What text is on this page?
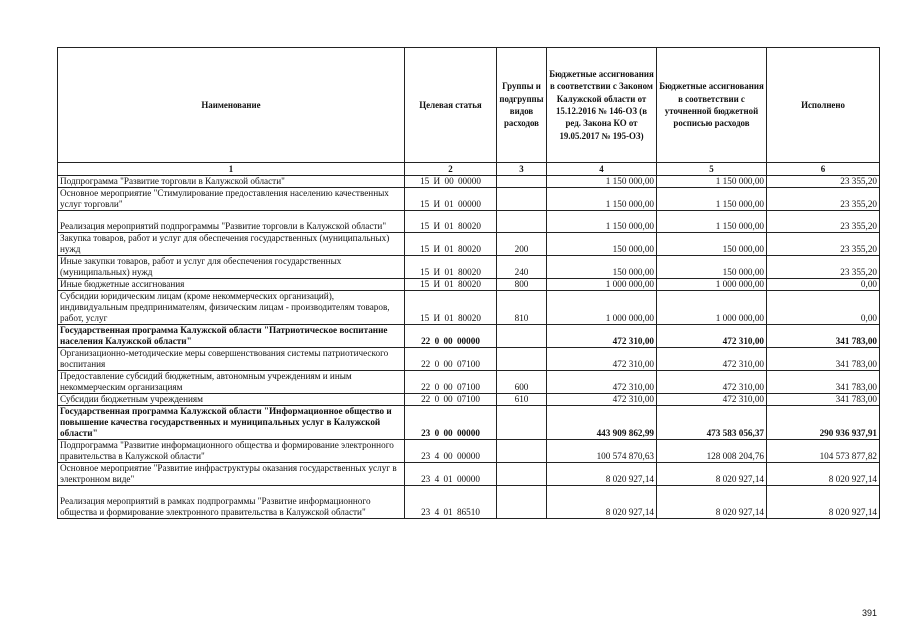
Наименование	Целевая статья	Группы и подгруппы видов расходов	Бюджетные ассигнования в соответствии с Законом Калужской области от 15.12.2016 № 146-ОЗ (в ред. Закона КО от 19.05.2017 № 195-ОЗ)	Бюджетные ассигнования в соответствии с уточненной бюджетной росписью расходов	Исполнено
1	2	3	4	5	6
Подпрограмма "Развитие торговли в Калужской области"	15 И 00 00000		1 150 000,00	1 150 000,00	23 355,20
Основное мероприятие "Стимулирование предоставления населению качественных услуг торговли"	15 И 01 00000		1 150 000,00	1 150 000,00	23 355,20
Реализация мероприятий подпрограммы "Развитие торговли в Калужской области"	15 И 01 80020		1 150 000,00	1 150 000,00	23 355,20
Закупка товаров, работ и услуг для обеспечения государственных (муниципальных) нужд	15 И 01 80020	200	150 000,00	150 000,00	23 355,20
Иные закупки товаров, работ и услуг для обеспечения государственных (муниципальных) нужд	15 И 01 80020	240	150 000,00	150 000,00	23 355,20
Иные бюджетные ассигнования	15 И 01 80020	800	1 000 000,00	1 000 000,00	0,00
Субсидии юридическим лицам (кроме некоммерческих организаций), индивидуальным предпринимателям, физическим лицам - производителям товаров, работ, услуг	15 И 01 80020	810	1 000 000,00	1 000 000,00	0,00
Государственная программа Калужской области "Патриотическое воспитание населения Калужской области"	22 0 00 00000		472 310,00	472 310,00	341 783,00
Организационно-методические меры совершенствования системы патриотического воспитания	22 0 00 07100		472 310,00	472 310,00	341 783,00
Предоставление субсидий бюджетным, автономным учреждениям и иным некоммерческим организациям	22 0 00 07100	600	472 310,00	472 310,00	341 783,00
Субсидии бюджетным учреждениям	22 0 00 07100	610	472 310,00	472 310,00	341 783,00
Государственная программа Калужской области "Информационное общество и повышение качества государственных и муниципальных услуг в Калужской области"	23 0 00 00000		443 909 862,99	473 583 056,37	290 936 937,91
Подпрограмма "Развитие информационного общества и формирование электронного правительства в Калужской области"	23 4 00 00000		100 574 870,63	128 008 204,76	104 573 877,82
Основное мероприятие "Развитие инфраструктуры оказания государственных услуг в электронном виде"	23 4 01 00000		8 020 927,14	8 020 927,14	8 020 927,14
Реализация мероприятий в рамках подпрограммы "Развитие информационного общества и формирование электронного правительства в Калужской области"	23 4 01 86510		8 020 927,14	8 020 927,14	8 020 927,14
391
